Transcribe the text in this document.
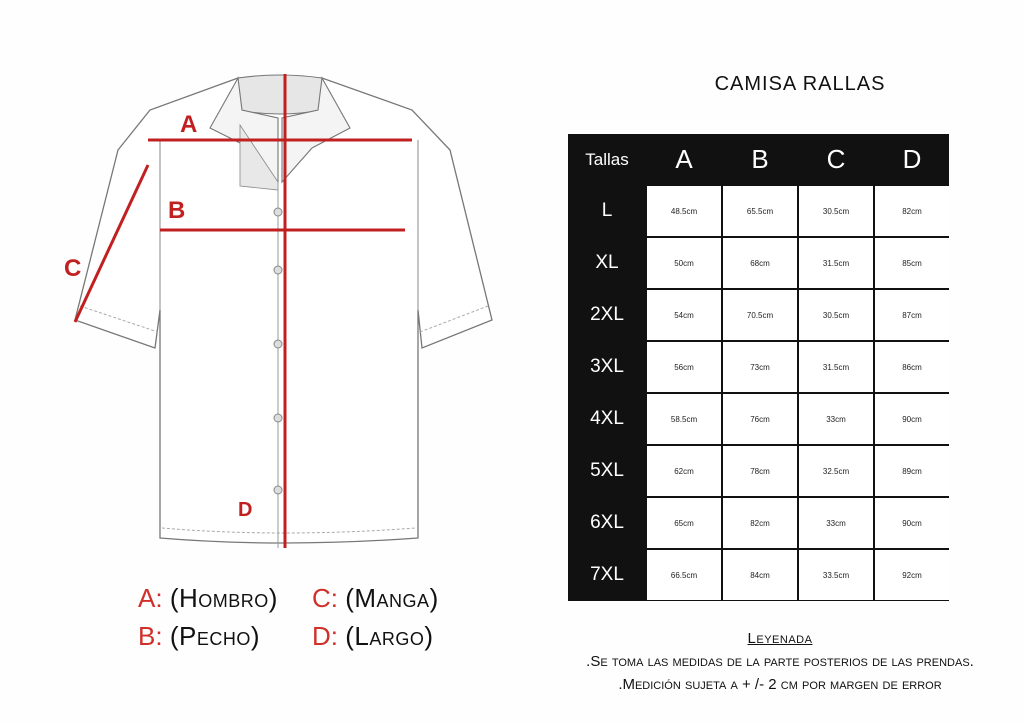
A
B
C
D
A: (Hombro) C: (Manga)
B: (Pecho) D: (Largo)
CAMISA RALLAS
Tallas	A	B	C	D
L	48.5cm	65.5cm	30.5cm	82cm
XL	50cm	68cm	31.5cm	85cm
2XL	54cm	70.5cm	30.5cm	87cm
3XL	56cm	73cm	31.5cm	86cm
4XL	58.5cm	76cm	33cm	90cm
5XL	62cm	78cm	32.5cm	89cm
6XL	65cm	82cm	33cm	90cm
7XL	66.5cm	84cm	33.5cm	92cm
Leyenada
.Se toma las medidas de la parte posterios de las prendas.
.Medición sujeta a + /- 2 cm por margen de error
